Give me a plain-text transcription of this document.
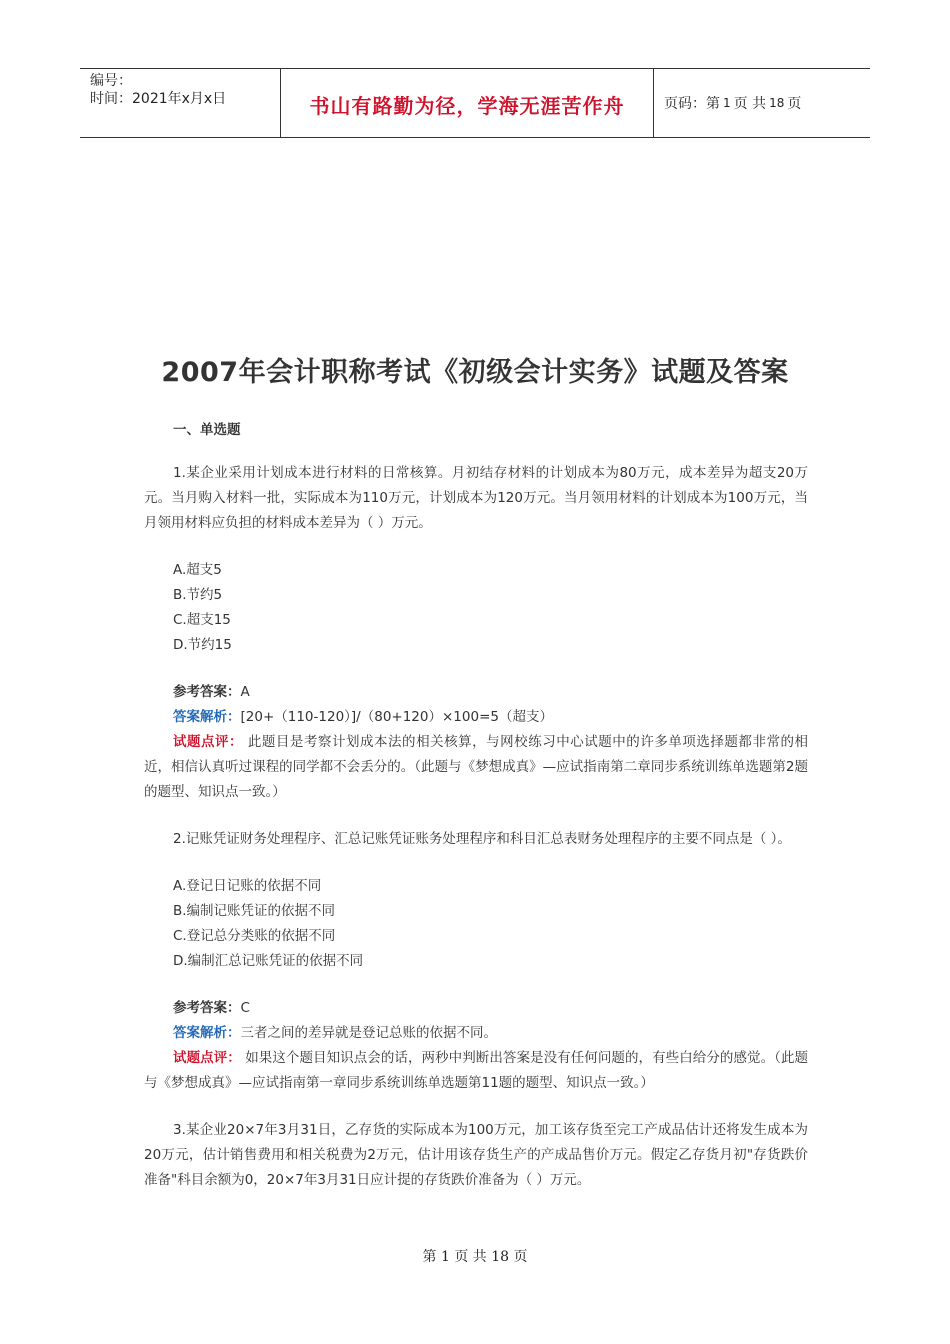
编号：
时间：2021年x月x日	书山有路勤为径，学海无涯苦作舟	页码：第 1 页 共 18 页
2007年会计职称考试《初级会计实务》试题及答案
一、单选题
1.某企业采用计划成本进行材料的日常核算。月初结存材料的计划成本为80万元，成本差异为超支20万元。当月购入材料一批，实际成本为110万元，计划成本为120万元。当月领用材料的计划成本为100万元，当月领用材料应负担的材料成本差异为（ ）万元。
A.超支5
B.节约5
C.超支15
D.节约15
参考答案：A
答案解析：[20+（110-120）]/（80+120）×100=5（超支）
试题点评： 此题目是考察计划成本法的相关核算，与网校练习中心试题中的许多单项选择题都非常的相近，相信认真听过课程的同学都不会丢分的。（此题与《梦想成真》—应试指南第二章同步系统训练单选题第2题的题型、知识点一致。）
2.记账凭证财务处理程序、汇总记账凭证账务处理程序和科目汇总表财务处理程序的主要不同点是（ ）。
A.登记日记账的依据不同
B.编制记账凭证的依据不同
C.登记总分类账的依据不同
D.编制汇总记账凭证的依据不同
参考答案：C
答案解析：三者之间的差异就是登记总账的依据不同。
试题点评： 如果这个题目知识点会的话，两秒中判断出答案是没有任何问题的，有些白给分的感觉。（此题与《梦想成真》—应试指南第一章同步系统训练单选题第11题的题型、知识点一致。）
3.某企业20×7年3月31日，乙存货的实际成本为100万元，加工该存货至完工产成品估计还将发生成本为20万元，估计销售费用和相关税费为2万元，估计用该存货生产的产成品售价万元。假定乙存货月初"存货跌价准备"科目余额为0，20×7年3月31日应计提的存货跌价准备为（ ）万元。
第 1 页 共 18 页
